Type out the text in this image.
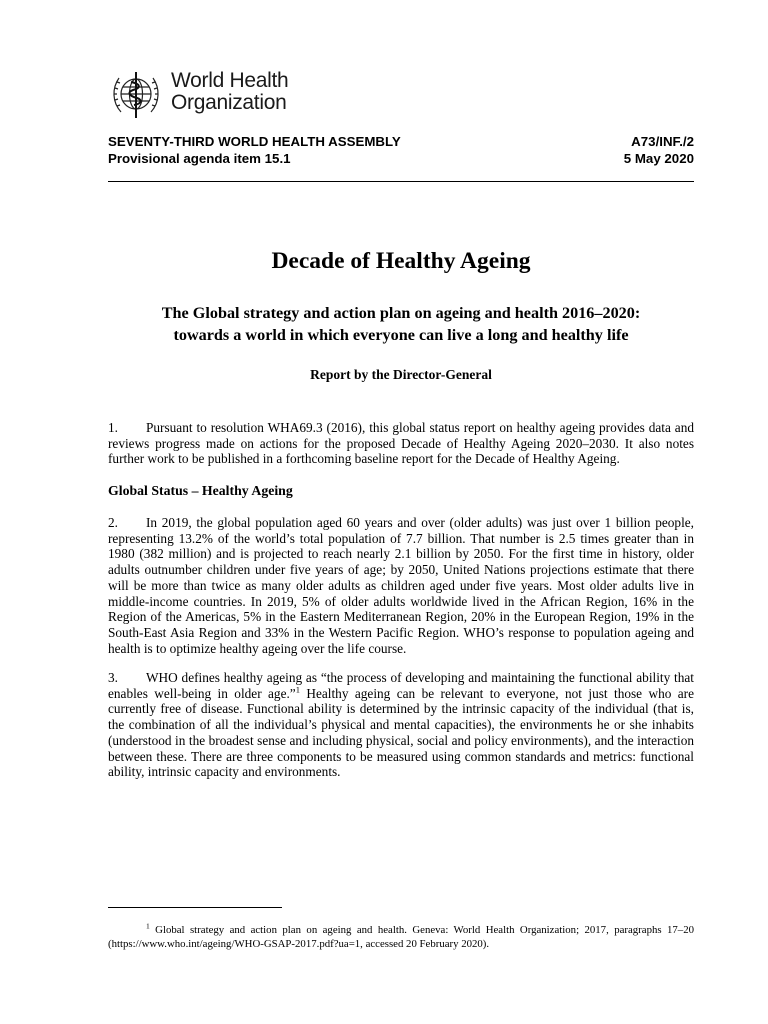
World Health
Organization
SEVENTY-THIRD WORLD HEALTH ASSEMBLY
Provisional agenda item 15.1
A73/INF./2
5 May 2020
Decade of Healthy Ageing
The Global strategy and action plan on ageing and health 2016–2020:
towards a world in which everyone can live a long and healthy life
Report by the Director-General
1. Pursuant to resolution WHA69.3 (2016), this global status report on healthy ageing provides data and reviews progress made on actions for the proposed Decade of Healthy Ageing 2020–2030. It also notes further work to be published in a forthcoming baseline report for the Decade of Healthy Ageing.
Global Status – Healthy Ageing
2. In 2019, the global population aged 60 years and over (older adults) was just over 1 billion people, representing 13.2% of the world’s total population of 7.7 billion. That number is 2.5 times greater than in 1980 (382 million) and is projected to reach nearly 2.1 billion by 2050. For the first time in history, older adults outnumber children under five years of age; by 2050, United Nations projections estimate that there will be more than twice as many older adults as children aged under five years. Most older adults live in middle-income countries. In 2019, 5% of older adults worldwide lived in the African Region, 16% in the Region of the Americas, 5% in the Eastern Mediterranean Region, 20% in the European Region, 19% in the South-East Asia Region and 33% in the Western Pacific Region. WHO’s response to population ageing and health is to optimize healthy ageing over the life course.
3. WHO defines healthy ageing as “the process of developing and maintaining the functional ability that enables well-being in older age.”$^1$ Healthy ageing can be relevant to everyone, not just those who are currently free of disease. Functional ability is determined by the intrinsic capacity of the individual (that is, the combination of all the individual’s physical and mental capacities), the environments he or she inhabits (understood in the broadest sense and including physical, social and policy environments), and the interaction between these. There are three components to be measured using common standards and metrics: functional ability, intrinsic capacity and environments.
$^1$ Global strategy and action plan on ageing and health. Geneva: World Health Organization; 2017, paragraphs 17–20 (https://www.who.int/ageing/WHO-GSAP-2017.pdf?ua=1, accessed 20 February 2020).
